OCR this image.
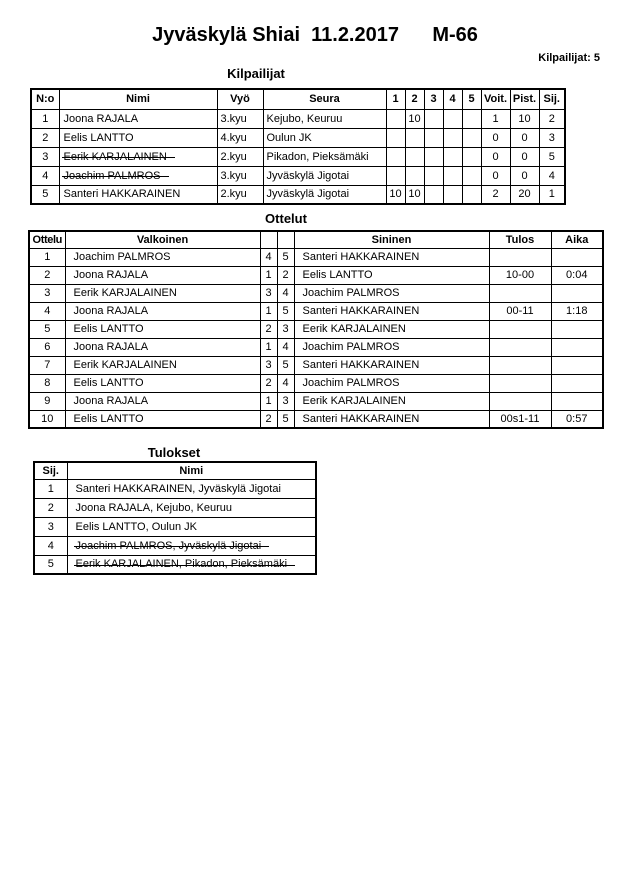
Jyväskylä Shiai  11.2.2017      M-66
Kilpailijat: 5
Kilpailijat
N:o	Nimi	Vyö	Seura	1	2	3	4	5	Voit.	Pist.	Sij.
1	Joona RAJALA	3.kyu	Kejubo, Keuruu		10				1	10	2
2	Eelis LANTTO	4.kyu	Oulun JK						0	0	3
3	Eerik KARJALAINEN	2.kyu	Pikadon, Pieksämäki						0	0	5
4	Joachim PALMROS	3.kyu	Jyväskylä Jigotai						0	0	4
5	Santeri HAKKARAINEN	2.kyu	Jyväskylä Jigotai	10	10				2	20	1
Ottelut
Ottelu	Valkoinen			Sininen	Tulos	Aika
1	Joachim PALMROS	4	5	Santeri HAKKARAINEN		
2	Joona RAJALA	1	2	Eelis LANTTO	10-00	0:04
3	Eerik KARJALAINEN	3	4	Joachim PALMROS		
4	Joona RAJALA	1	5	Santeri HAKKARAINEN	00-11	1:18
5	Eelis LANTTO	2	3	Eerik KARJALAINEN		
6	Joona RAJALA	1	4	Joachim PALMROS		
7	Eerik KARJALAINEN	3	5	Santeri HAKKARAINEN		
8	Eelis LANTTO	2	4	Joachim PALMROS		
9	Joona RAJALA	1	3	Eerik KARJALAINEN		
10	Eelis LANTTO	2	5	Santeri HAKKARAINEN	00s1-11	0:57
Tulokset
Sij.	Nimi
1	Santeri HAKKARAINEN, Jyväskylä Jigotai
2	Joona RAJALA, Kejubo, Keuruu
3	Eelis LANTTO, Oulun JK
4	Joachim PALMROS, Jyväskylä Jigotai
5	Eerik KARJALAINEN, Pikadon, Pieksämäki
